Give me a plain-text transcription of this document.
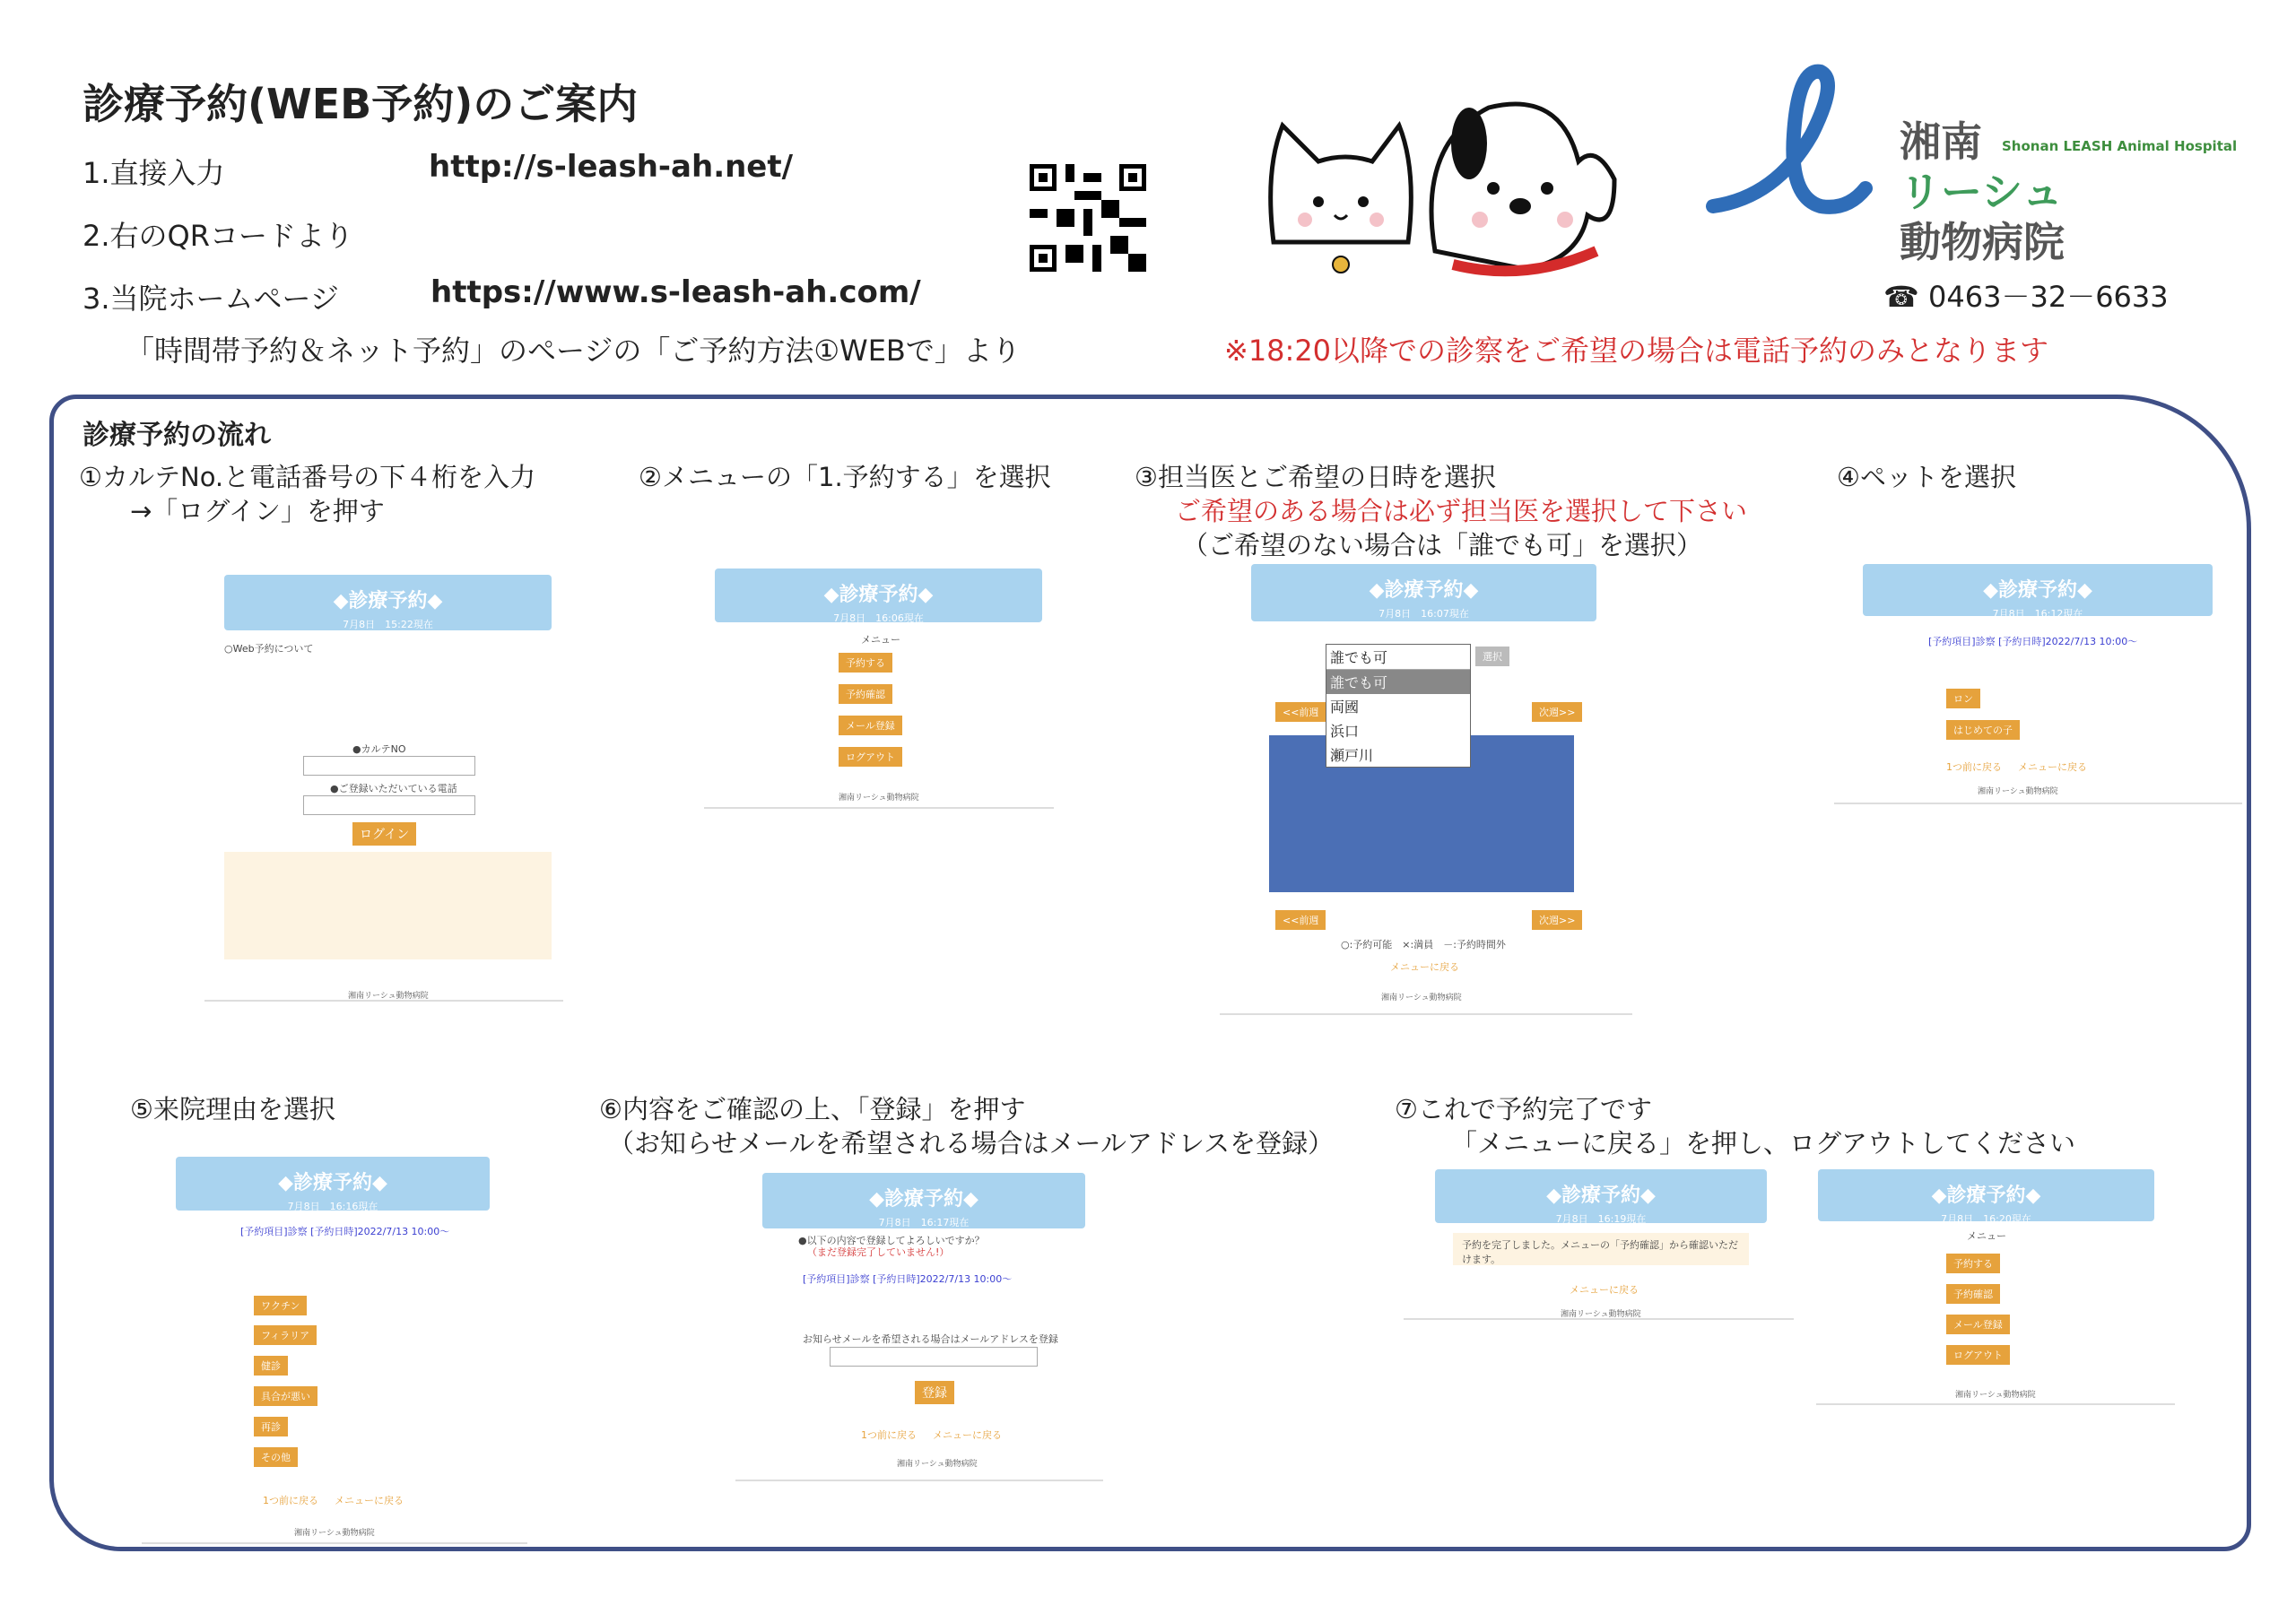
診療予約(WEB予約)のご案内
1.直接入力	http://s-leash-ah.net/
2.右のQRコードより
3.当院ホームページ	https://www.s-leash-ah.com/
「時間帯予約＆ネット予約」のページの「ご予約方法①WEBで」より	※18:20以降での診察をご希望の場合は電話予約のみとなります
☎ 0463－32－6633
湘南 Shonan LEASH Animal Hospital
リーシュ
動物病院
診療予約の流れ
①カルテNo.と電話番号の下４桁を入力
→「ログイン」を押す
②メニューの「1.予約する」を選択	③担当医とご希望の日時を選択
ご希望のある場合は必ず担当医を選択して下さい
（ご希望のない場合は「誰でも可」を選択）
④ペットを選択
⑤来院理由を選択	⑥内容をご確認の上、「登録」を押す
（お知らせメールを希望される場合はメールアドレスを登録）
⑦これで予約完了です
「メニューに戻る」を押し、ログアウトしてください
◆診療予約◆
7月8日　15:22現在
○Web予約について
●カルテNO
●ご登録いただいている電話
ログイン
湘南リーシュ動物病院
◆診療予約◆
7月8日　16:06現在
メニュー
予約する
予約確認
メール登録
ログアウト
湘南リーシュ動物病院
◆診療予約◆
7月8日　16:07現在
選択
<<前週	次週>>
<<前週	次週>>
○:予約可能　×:満員　－:予約時間外
メニューに戻る
湘南リーシュ動物病院
誰でも可
誰でも可
両國
浜口
瀬戸川
◆診療予約◆
7月8日　16:12現在
[予約項目]診察 [予約日時]2022/7/13 10:00～
ロン
はじめての子
1つ前に戻る メニューに戻る
湘南リーシュ動物病院
◆診療予約◆
7月8日　16:16現在
[予約項目]診察 [予約日時]2022/7/13 10:00～
ワクチン
フィラリア
健診
具合が悪い
再診
その他
1つ前に戻る メニューに戻る
湘南リーシュ動物病院
◆診療予約◆
7月8日　16:17現在
●以下の内容で登録してよろしいですか？
（まだ登録完了していません!）
[予約項目]診察 [予約日時]2022/7/13 10:00～
お知らせメールを希望される場合はメールアドレスを登録
登録
1つ前に戻る メニューに戻る
湘南リーシュ動物病院
◆診療予約◆
7月8日　16:19現在
予約を完了しました。メニューの「予約確認」から確認いただけます。
メニューに戻る
湘南リーシュ動物病院
◆診療予約◆
7月8日　16:20現在
メニュー
予約する
予約確認
メール登録
ログアウト
湘南リーシュ動物病院
